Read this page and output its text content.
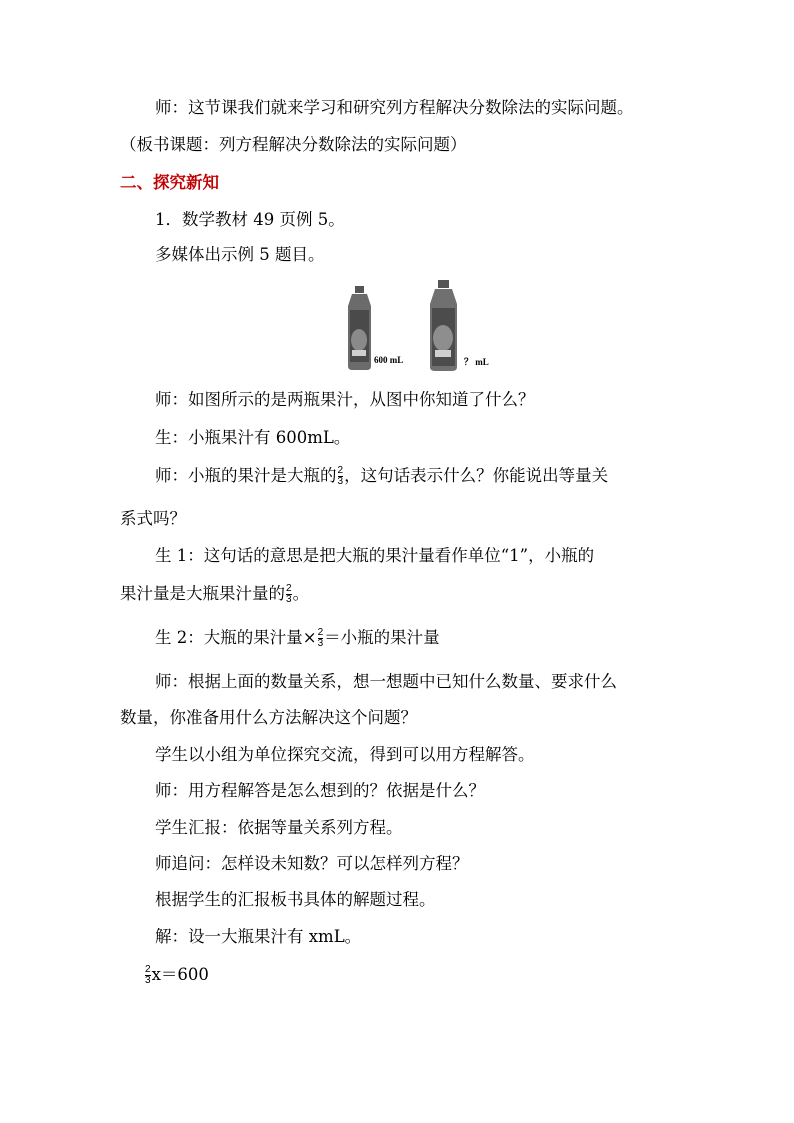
师：这节课我们就来学习和研究列方程解决分数除法的实际问题。
（板书课题：列方程解决分数除法的实际问题）
二、探究新知
1．数学教材 49 页例 5。
多媒体出示例 5 题目。
600 mL	？ mL
师：如图所示的是两瓶果汁，从图中你知道了什么？
生：小瓶果汁有 600mL。
师：小瓶的果汁是大瓶的 $\frac{2}{3}$ ，这句话表示什么？你能说出等量关
系式吗？
生 1：这句话的意思是把大瓶的果汁量看作单位“1”，小瓶的
果汁量是大瓶果汁量的 $\frac{2}{3}$ 。
生 2：大瓶的果汁量× $\frac{2}{3}$ ＝小瓶的果汁量
师：根据上面的数量关系，想一想题中已知什么数量、要求什么
数量，你准备用什么方法解决这个问题？
学生以小组为单位探究交流，得到可以用方程解答。
师：用方程解答是怎么想到的？依据是什么？
学生汇报：依据等量关系列方程。
师追问：怎样设未知数？可以怎样列方程？
根据学生的汇报板书具体的解题过程。
解：设一大瓶果汁有 xmL。
$\frac{2}{3} x=600$
